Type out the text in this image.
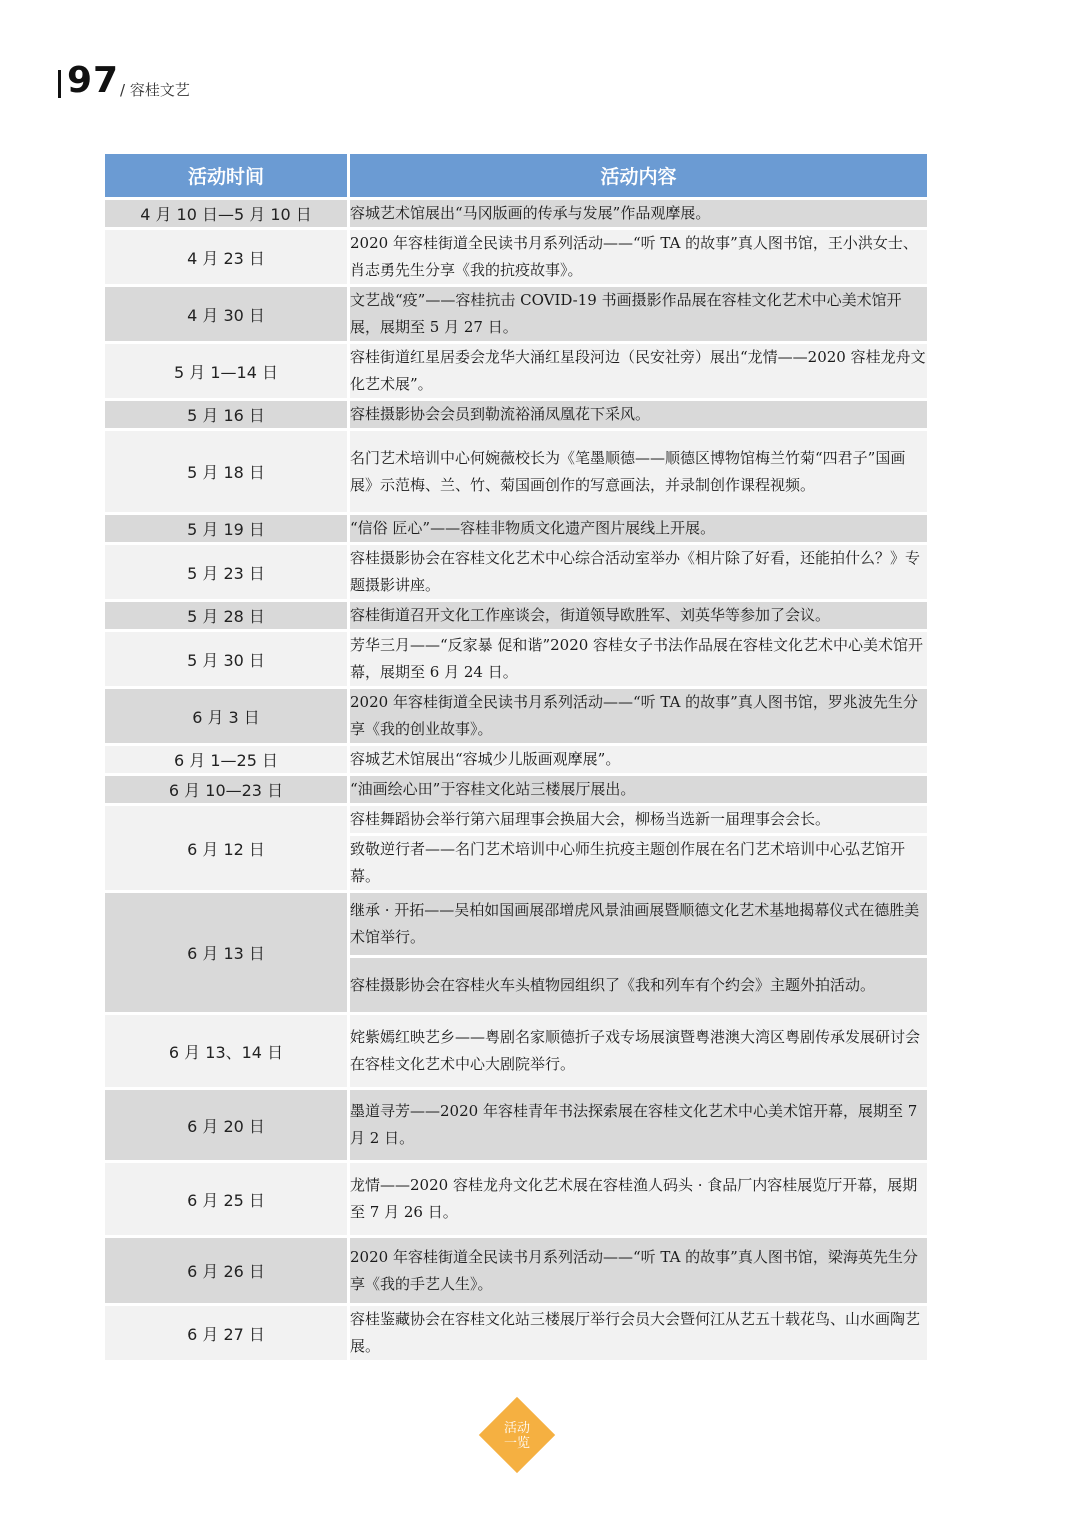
97 / 容桂文艺
活动时间	活动内容
4 月 10 日—5 月 10 日	容城艺术馆展出“马冈版画的传承与发展”作品观摩展。
4 月 23 日	2020 年容桂街道全民读书月系列活动——“听 TA 的故事”真人图书馆，王小洪女士、肖志勇先生分享《我的抗疫故事》。
4 月 30 日	文艺战“疫”——容桂抗击 COVID-19 书画摄影作品展在容桂文化艺术中心美术馆开展，展期至 5 月 27 日。
5 月 1—14 日	容桂街道红星居委会龙华大涌红星段河边（民安社旁）展出“龙情——2020 容桂龙舟文化艺术展”。
5 月 16 日	容桂摄影协会会员到勒流裕涌凤凰花下采风。
5 月 18 日	名门艺术培训中心何婉薇校长为《笔墨顺德——顺德区博物馆梅兰竹菊“四君子”国画展》示范梅、兰、竹、菊国画创作的写意画法，并录制创作课程视频。
5 月 19 日	“信俗 匠心”——容桂非物质文化遗产图片展线上开展。
5 月 23 日	容桂摄影协会在容桂文化艺术中心综合活动室举办《相片除了好看，还能拍什么？》专题摄影讲座。
5 月 28 日	容桂街道召开文化工作座谈会，街道领导欧胜军、刘英华等参加了会议。
5 月 30 日	芳华三月——“反家暴 促和谐”2020 容桂女子书法作品展在容桂文化艺术中心美术馆开幕，展期至 6 月 24 日。
6 月 3 日	2020 年容桂街道全民读书月系列活动——“听 TA 的故事”真人图书馆，罗兆波先生分享《我的创业故事》。
6 月 1—25 日	容城艺术馆展出“容城少儿版画观摩展”。
6 月 10—23 日	“油画绘心田”于容桂文化站三楼展厅展出。
6 月 12 日	容桂舞蹈协会举行第六届理事会换届大会，柳杨当选新一届理事会会长。
	致敬逆行者——名门艺术培训中心师生抗疫主题创作展在名门艺术培训中心弘艺馆开幕。
6 月 13 日	继承 · 开拓——吴柏如国画展邵增虎风景油画展暨顺德文化艺术基地揭幕仪式在德胜美术馆举行。
	容桂摄影协会在容桂火车头植物园组织了《我和列车有个约会》主题外拍活动。
6 月 13、14 日	姹紫嫣红映艺乡——粤剧名家顺德折子戏专场展演暨粤港澳大湾区粤剧传承发展研讨会在容桂文化艺术中心大剧院举行。
6 月 20 日	墨道寻芳——2020 年容桂青年书法探索展在容桂文化艺术中心美术馆开幕，展期至 7 月 2 日。
6 月 25 日	龙情——2020 容桂龙舟文化艺术展在容桂渔人码头 · 食品厂内容桂展览厅开幕，展期至 7 月 26 日。
6 月 26 日	2020 年容桂街道全民读书月系列活动——“听 TA 的故事”真人图书馆，梁海英先生分享《我的手艺人生》。
6 月 27 日	容桂鉴藏协会在容桂文化站三楼展厅举行会员大会暨何江从艺五十载花鸟、山水画陶艺展。
活动
一览
